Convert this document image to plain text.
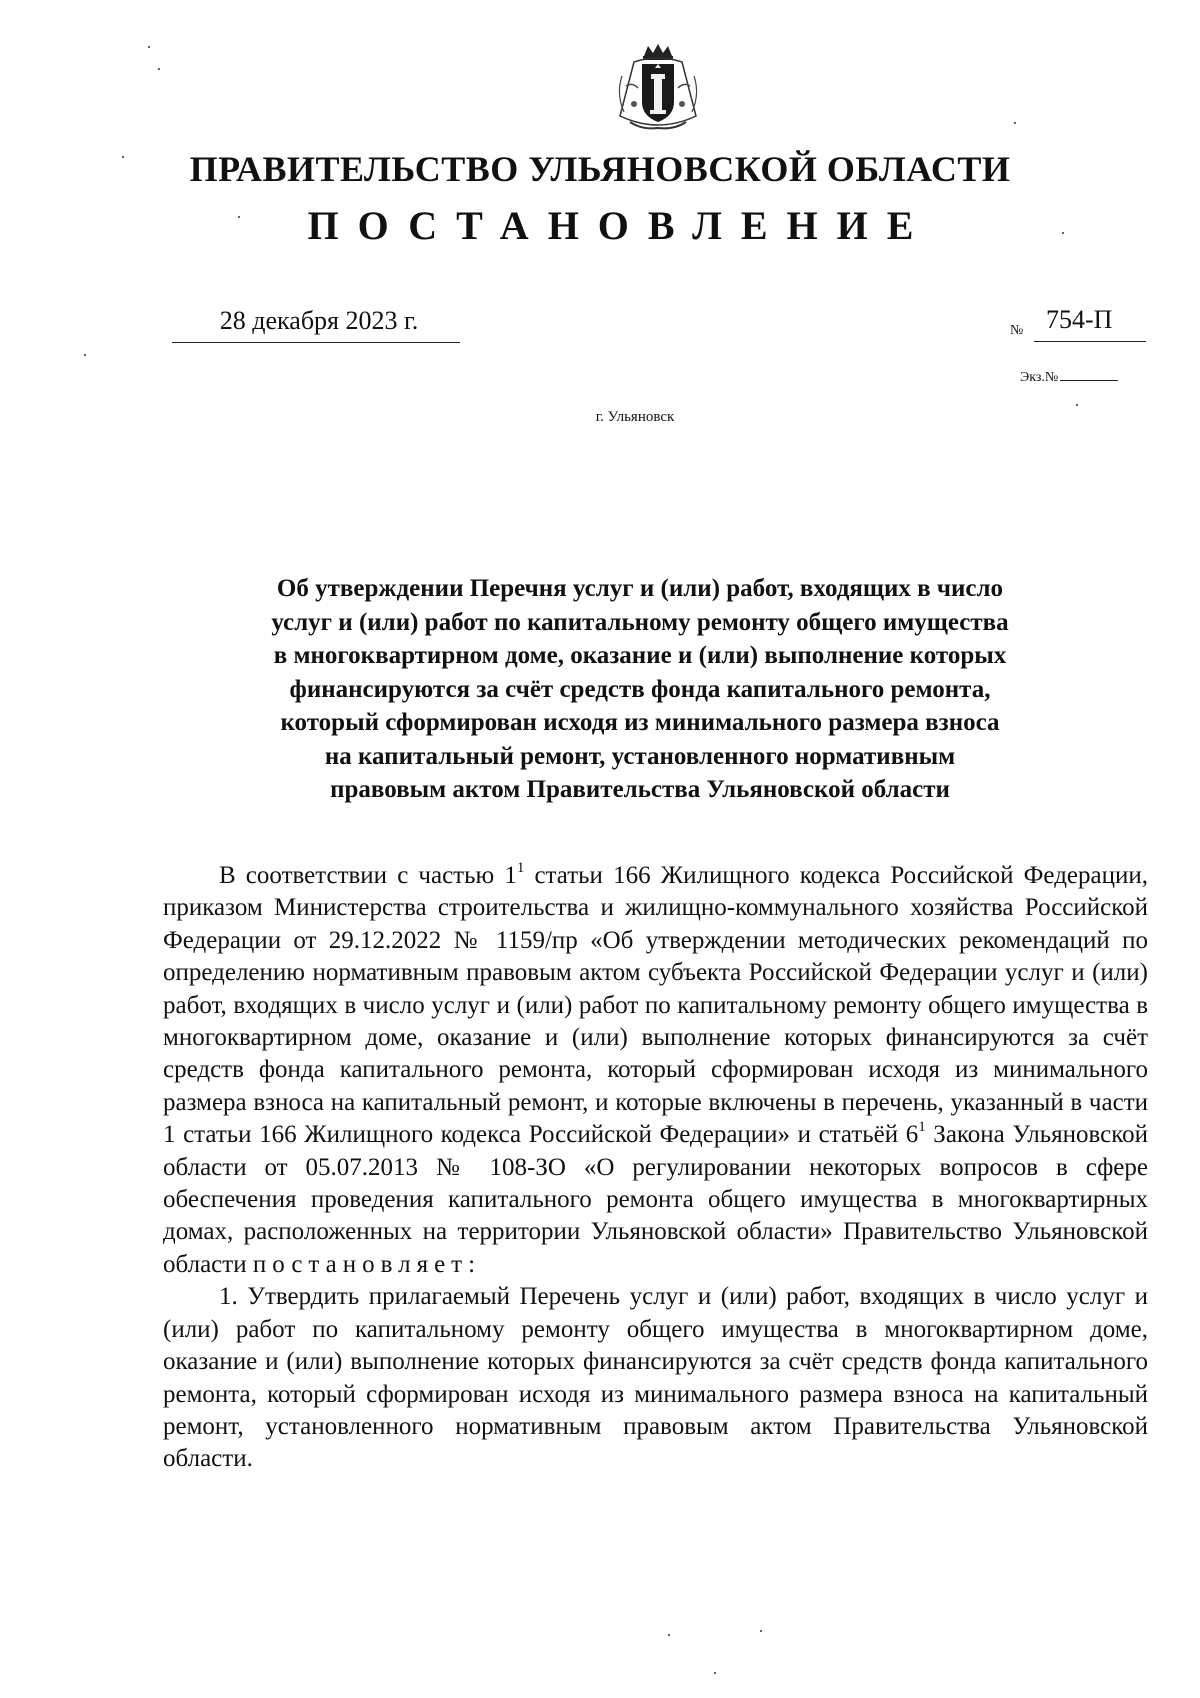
ПРАВИТЕЛЬСТВО УЛЬЯНОВСКОЙ ОБЛАСТИ
ПОСТАНОВЛЕНИЕ
28 декабря 2023 г.	№ 754-П
Экз.№
г. Ульяновск
Об утверждении Перечня услуг и (или) работ, входящих в число
услуг и (или) работ по капитальному ремонту общего имущества
в многоквартирном доме, оказание и (или) выполнение которых
финансируются за счёт средств фонда капитального ремонта,
который сформирован исходя из минимального размера взноса
на капитальный ремонт, установленного нормативным
правовым актом Правительства Ульяновской области

В соответствии с частью $1^1$ статьи 166 Жилищного кодекса Российской Федерации, приказом Министерства строительства и жилищно-коммунального хозяйства Российской Федерации от 29.12.2022 № 1159/пр «Об утверждении методических рекомендаций по определению нормативным правовым актом субъекта Российской Федерации услуг и (или) работ, входящих в число услуг и (или) работ по капитальному ремонту общего имущества в многоквартирном доме, оказание и (или) выполнение которых финансируются за счёт средств фонда капитального ремонта, который сформирован исходя из минимального размера взноса на капитальный ремонт, и которые включены в перечень, указанный в части 1 статьи 166 Жилищного кодекса Российской Федерации» и статьёй $6^1$ Закона Ульяновской области от 05.07.2013 № 108-ЗО «О регулировании некоторых вопросов в сфере обеспечения проведения капитального ремонта общего имущества в многоквартирных домах, расположенных на территории Ульяновской области» Правительство Ульяновской области постановляет:

1. Утвердить прилагаемый Перечень услуг и (или) работ, входящих в число услуг и (или) работ по капитальному ремонту общего имущества в многоквартирном доме, оказание и (или) выполнение которых финансируются за счёт средств фонда капитального ремонта, который сформирован исходя из минимального размера взноса на капитальный ремонт, установленного нормативным правовым актом Правительства Ульяновской области.
